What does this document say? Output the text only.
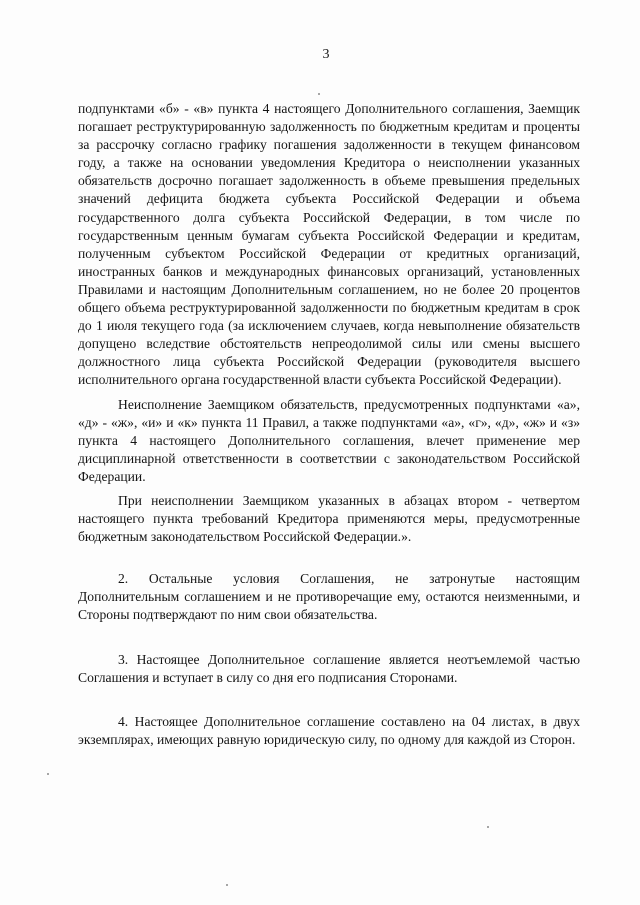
3

подпунктами «б» - «в» пункта 4 настоящего Дополнительного соглашения, Заемщик погашает реструктурированную задолженность по бюджетным кредитам и проценты за рассрочку согласно графику погашения задолженности в текущем финансовом году, а также на основании уведомления Кредитора о неисполнении указанных обязательств досрочно погашает задолженность в объеме превышения предельных значений дефицита бюджета субъекта Российской Федерации и объема государственного долга субъекта Российской Федерации, в том числе по государственным ценным бумагам субъекта Российской Федерации и кредитам, полученным субъектом Российской Федерации от кредитных организаций, иностранных банков и международных финансовых организаций, установленных Правилами и настоящим Дополнительным соглашением, но не более 20 процентов общего объема реструктурированной задолженности по бюджетным кредитам в срок до 1 июля текущего года (за исключением случаев, когда невыполнение обязательств допущено вследствие обстоятельств непреодолимой силы или смены высшего должностного лица субъекта Российской Федерации (руководителя высшего исполнительного органа государственной власти субъекта Российской Федерации).

Неисполнение Заемщиком обязательств, предусмотренных подпунктами «а», «д» - «ж», «и» и «к» пункта 11 Правил, а также подпунктами «а», «г», «д», «ж» и «з» пункта 4 настоящего Дополнительного соглашения, влечет применение мер дисциплинарной ответственности в соответствии с законодательством Российской Федерации.

При неисполнении Заемщиком указанных в абзацах втором - четвертом настоящего пункта требований Кредитора применяются меры, предусмотренные бюджетным законодательством Российской Федерации.».

2. Остальные условия Соглашения, не затронутые настоящим Дополнительным соглашением и не противоречащие ему, остаются неизменными, и Стороны подтверждают по ним свои обязательства.

3. Настоящее Дополнительное соглашение является неотъемлемой частью Соглашения и вступает в силу со дня его подписания Сторонами.

4. Настоящее Дополнительное соглашение составлено на 04 листах, в двух экземплярах, имеющих равную юридическую силу, по одному для каждой из Сторон.
